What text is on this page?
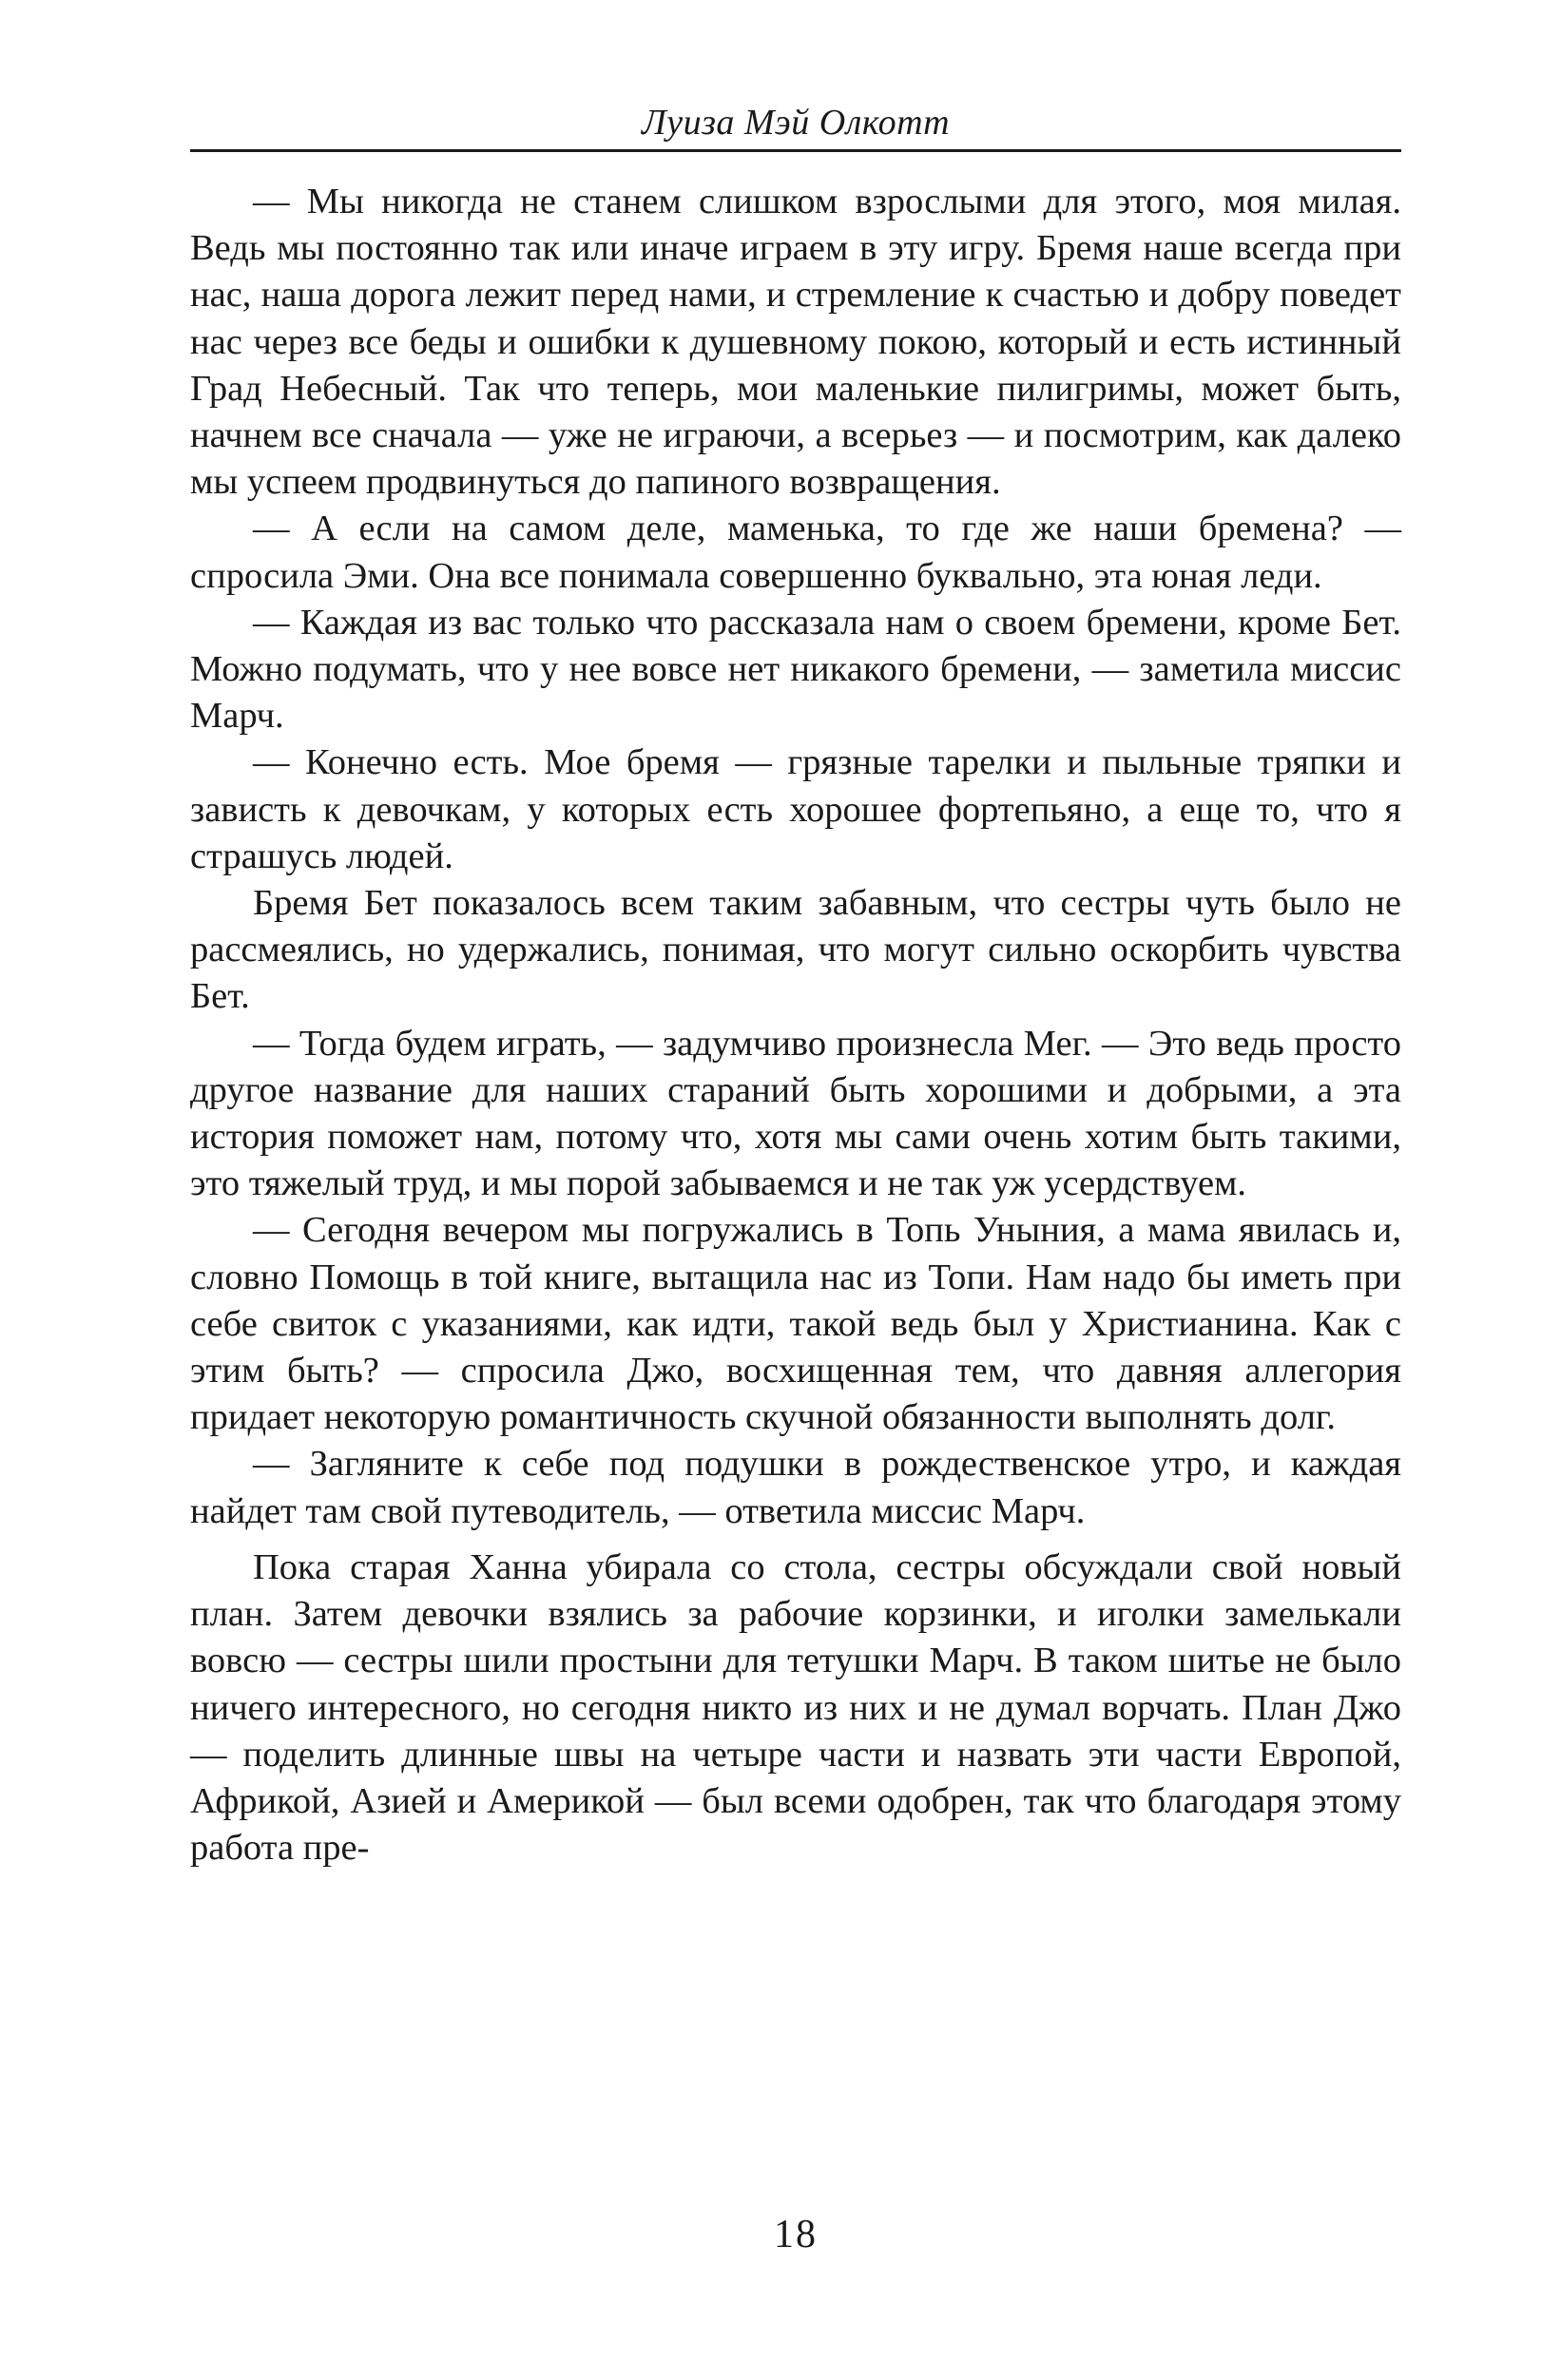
Луиза Мэй Олкотт

— Мы никогда не станем слишком взрослыми для этого, моя милая. Ведь мы постоянно так или иначе играем в эту игру. Бремя наше всегда при нас, наша дорога лежит перед нами, и стремление к счастью и добру поведет нас через все беды и ошибки к душевному покою, который и есть истинный Град Небесный. Так что теперь, мои маленькие пилигримы, может быть, начнем все сначала — уже не играючи, а всерьез — и посмотрим, как далеко мы успеем продвинуться до папиного возвращения.

— А если на самом деле, маменька, то где же наши бремена? — спросила Эми. Она все понимала совершенно буквально, эта юная леди.

— Каждая из вас только что рассказала нам о своем бремени, кроме Бет. Можно подумать, что у нее вовсе нет никакого бремени, — заметила миссис Марч.

— Конечно есть. Мое бремя — грязные тарелки и пыльные тряпки и зависть к девочкам, у которых есть хорошее фортепьяно, а еще то, что я страшусь людей.

Бремя Бет показалось всем таким забавным, что сестры чуть было не рассмеялись, но удержались, понимая, что могут сильно оскорбить чувства Бет.

— Тогда будем играть, — задумчиво произнесла Мег. — Это ведь просто другое название для наших стараний быть хорошими и добрыми, а эта история поможет нам, потому что, хотя мы сами очень хотим быть такими, это тяжелый труд, и мы порой забываемся и не так уж усердствуем.

— Сегодня вечером мы погружались в Топь Уныния, а мама явилась и, словно Помощь в той книге, вытащила нас из Топи. Нам надо бы иметь при себе свиток с указаниями, как идти, такой ведь был у Христианина. Как с этим быть? — спросила Джо, восхищенная тем, что давняя аллегория придает некоторую романтичность скучной обязанности выполнять долг.

— Загляните к себе под подушки в рождественское утро, и каждая найдет там свой путеводитель, — ответила миссис Марч.

Пока старая Ханна убирала со стола, сестры обсуждали свой новый план. Затем девочки взялись за рабочие корзинки, и иголки замелькали вовсю — сестры шили простыни для тетушки Марч. В таком шитье не было ничего интересного, но сегодня никто из них и не думал ворчать. План Джо — поделить длинные швы на четыре части и назвать эти части Европой, Африкой, Азией и Америкой — был всеми одобрен, так что благодаря этому работа пре-

18
